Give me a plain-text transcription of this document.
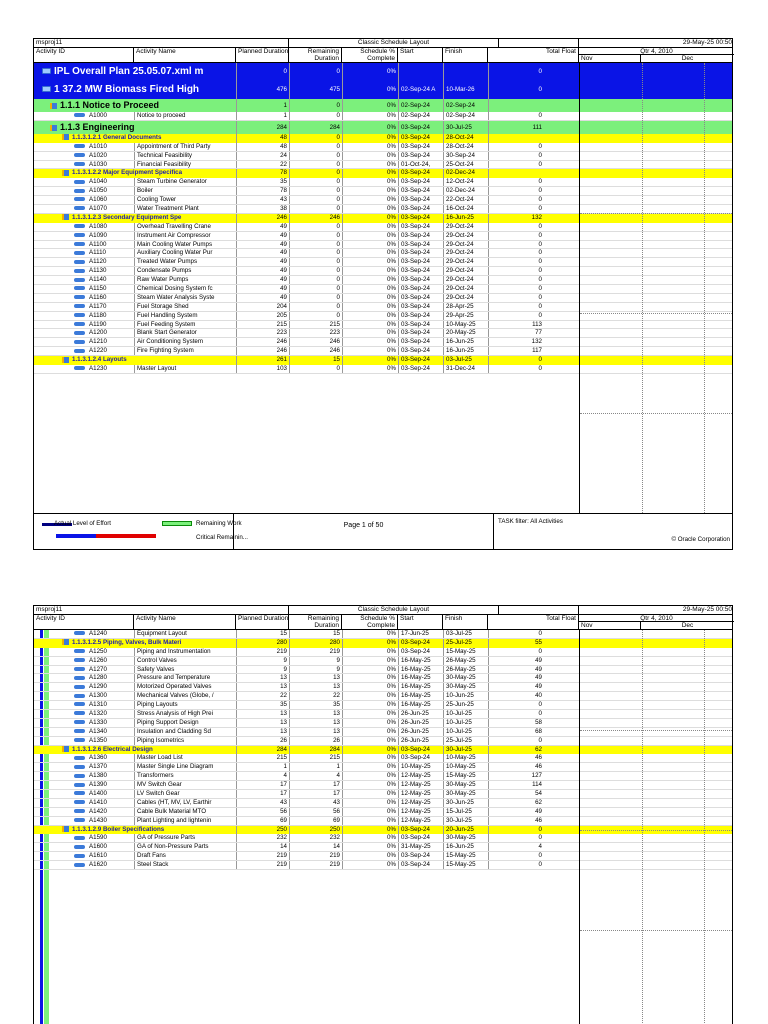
msproj11	Classic Schedule Layout	29-May-25 00:50
Activity ID	Activity Name	Planned Duration	Remaining Duration
Schedule % Complete
Start	Finish	Total Float	Qtr 4, 2010
Nov	Dec
IPL Overall Plan 25.05.07.xml m	0	0	0%	0
1 37.2 MW Biomass Fired High	476	475	0% 02-Sep-24 A	10-Mar-26	0
1.1.1 Notice to Proceed	1	0	0% 02-Sep-24	02-Sep-24
A1000	Notice to proceed	1	0	0% 02-Sep-24	02-Sep-24	0
1.1.3 Engineering	284	284	0% 03-Sep-24	30-Jul-25	111
1.1.3.1.2.1 General Documents	48	0	0% 03-Sep-24	28-Oct-24
A1010	Appointment of Third Party	48	0	0% 03-Sep-24	28-Oct-24	0
A1020	Technical Feasibility	24	0	0% 03-Sep-24	30-Sep-24	0
A1030	Financial Feasibility	22	0	0% 01-Oct-24,	25-Oct-24	0
1.1.3.1.2.2 Major Equipment Specifica	78	0	0% 03-Sep-24	02-Dec-24
A1040	Steam Turbine Generator	35	0	0% 03-Sep-24	12-Oct-24	0
A1050	Boiler	78	0	0% 03-Sep-24	02-Dec-24	0
A1060	Cooling Tower	43	0	0% 03-Sep-24	22-Oct-24	0
A1070	Water Treatment Plant	38	0	0% 03-Sep-24	16-Oct-24	0
1.1.3.1.2.3 Secondary Equipment Spe	246	246	0% 03-Sep-24	16-Jun-25	132
A1080	Overhead Travelling Crane	49	0	0% 03-Sep-24	29-Oct-24	0
A1090	Instrument Air Compressor	49	0	0% 03-Sep-24	29-Oct-24	0
A1100	Main Cooling Water Pumps	49	0	0% 03-Sep-24	29-Oct-24	0
A1110	Auxiliary Cooling Water Pur	49	0	0% 03-Sep-24	29-Oct-24	0
A1120	Treated Water Pumps	49	0	0% 03-Sep-24	29-Oct-24	0
A1130	Condensate Pumps	49	0	0% 03-Sep-24	29-Oct-24	0
A1140	Raw Water Pumps	49	0	0% 03-Sep-24	29-Oct-24	0
A1150	Chemical Dosing System fc	49	0	0% 03-Sep-24	29-Oct-24	0
A1160	Steam Water Analysis Syste	49	0	0% 03-Sep-24	29-Oct-24	0
A1170	Fuel Storage Shed	204	0	0% 03-Sep-24	28-Apr-25	0
A1180	Fuel Handling System	205	0	0% 03-Sep-24	29-Apr-25	0
A1190	Fuel Feeding System	215	215	0% 03-Sep-24	10-May-25	113
A1200	Blank Start Generator	223	223	0% 03-Sep-24	20-May-25	77
A1210	Air Conditioning System	246	246	0% 03-Sep-24	16-Jun-25	132
A1220	Fire Fighting System	246	246	0% 03-Sep-24	16-Jun-25	117
1.1.3.1.2.4 Layouts	261	15	0% 03-Sep-24	03-Jul-25	0
A1230	Master Layout	103	0	0% 03-Sep-24	31-Dec-24	0
Actual Level of Effort
Actual Work
Remaining Work
Critical Remainin...
Page 1 of 50
TASK filter: All Activities
© Oracle Corporation
msproj11	Classic Schedule Layout	29-May-25 00:50
Activity ID	Activity Name	Planned Duration	Remaining Duration
Schedule % Complete
Start	Finish	Total Float	Qtr 4, 2010
Nov	Dec
A1240	Equipment Layout	15	15	0% 17-Jun-25	03-Jul-25	0
1.1.3.1.2.5 Piping, Valves, Bulk Materi	280	280	0% 03-Sep-24	25-Jul-25	55
A1250	Piping and Instrumentation	219	219	0% 03-Sep-24	15-May-25	0
A1260	Control Valves	9	9	0% 16-May-25	26-May-25	49
A1270	Safety Valves	9	9	0% 16-May-25	26-May-25	49
A1280	Pressure and Temperature	13	13	0% 16-May-25	30-May-25	49
A1290	Motorized Operated Valves	13	13	0% 16-May-25	30-May-25	49
A1300	Mechanical Valves (Globe, /	22	22	0% 16-May-25	10-Jun-25	40
A1310	Piping Layouts	35	35	0% 16-May-25	25-Jun-25	0
A1320	Stress Analysis of High Prei	13	13	0% 26-Jun-25	10-Jul-25	0
A1330	Piping Support Design	13	13	0% 26-Jun-25	10-Jul-25	58
A1340	Insulation and Cladding Sd	13	13	0% 26-Jun-25	10-Jul-25	68
A1350	Piping Isometrics	26	26	0% 26-Jun-25	25-Jul-25	0
1.1.3.1.2.6 Electrical Design	284	284	0% 03-Sep-24	30-Jul-25	62
A1360	Master Load List	215	215	0% 03-Sep-24	10-May-25	46
A1370	Master Single Line Diagram	1	1	0% 10-May-25	10-May-25	46
A1380	Transformers	4	4	0% 12-May-25	15-May-25	127
A1390	MV Switch Gear	17	17	0% 12-May-25	30-May-25	114
A1400	LV Switch Gear	17	17	0% 12-May-25	30-May-25	54
A1410	Cables (HT, MV, LV, Earthir	43	43	0% 12-May-25	30-Jun-25	62
A1420	Cable Bulk Material MTO	56	56	0% 12-May-25	15-Jul-25	49
A1430	Plant Lighting and lightenin	69	69	0% 12-May-25	30-Jul-25	46
1.1.3.1.2.9 Boiler Specifications	250	250	0% 03-Sep-24	20-Jun-25	0
A1590	GA of Pressure Parts	232	232	0% 03-Sep-24	30-May-25	0
A1600	GA of Non-Pressure Parts	14	14	0% 31-May-25	16-Jun-25	4
A1610	Draft Fans	219	219	0% 03-Sep-24	15-May-25	0
A1620	Steel Stack	219	219	0% 03-Sep-24	15-May-25	0
